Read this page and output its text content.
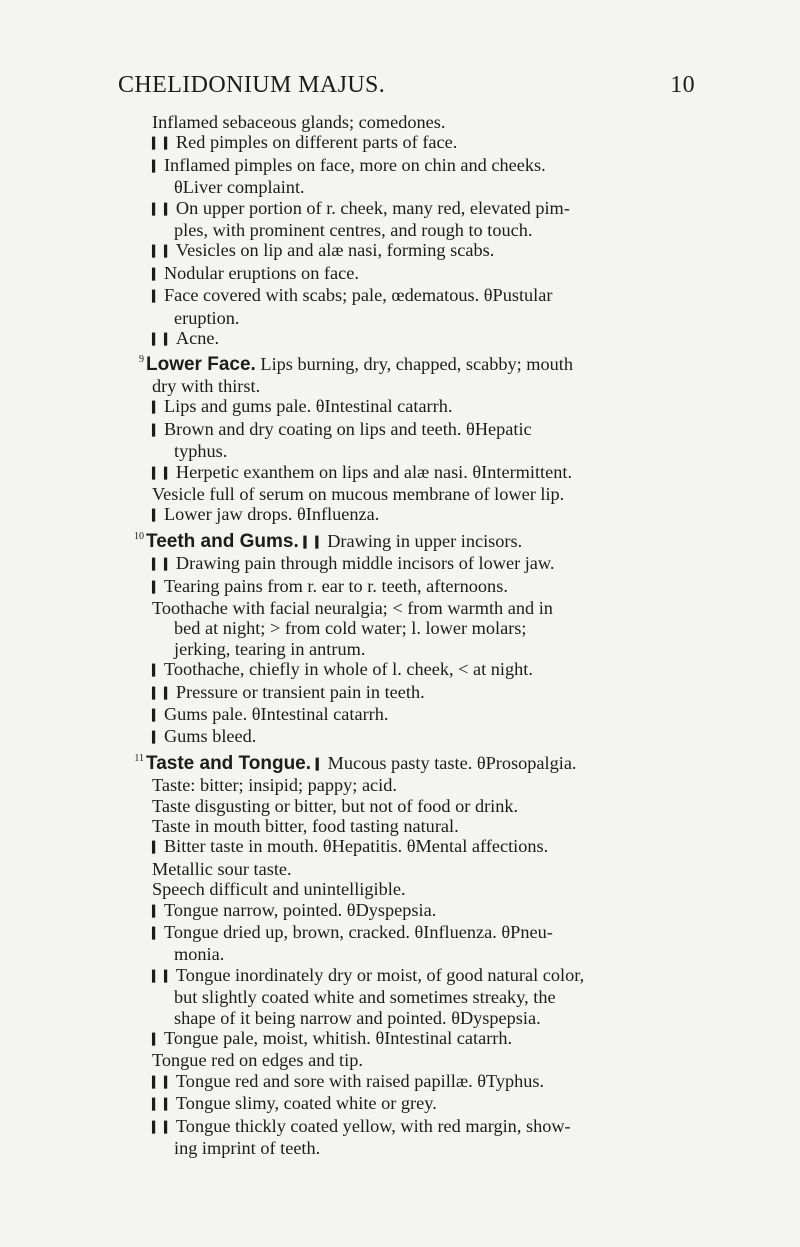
CHELIDONIUM MAJUS.	10
Inflamed sebaceous glands; comedones.
▍ ▍ Red pimples on different parts of face.
▍ Inflamed pimples on face, more on chin and cheeks.
θLiver complaint.
▍ ▍ On upper portion of r. cheek, many red, elevated pim-
ples, with prominent centres, and rough to touch.
▍ ▍ Vesicles on lip and alæ nasi, forming scabs.
▍ Nodular eruptions on face.
▍ Face covered with scabs; pale, œdematous. θPustular
eruption.
▍ ▍ Acne.
9 Lower Face. Lips burning, dry, chapped, scabby; mouth
dry with thirst.
▍ Lips and gums pale. θIntestinal catarrh.
▍ Brown and dry coating on lips and teeth. θHepatic
typhus.
▍ ▍ Herpetic exanthem on lips and alæ nasi. θIntermittent.
Vesicle full of serum on mucous membrane of lower lip.
▍ Lower jaw drops. θInfluenza.
10 Teeth and Gums. ▍ ▍ Drawing in upper incisors.
▍ ▍ Drawing pain through middle incisors of lower jaw.
▍ Tearing pains from r. ear to r. teeth, afternoons.
Toothache with facial neuralgia; < from warmth and in
bed at night; > from cold water; l. lower molars;
jerking, tearing in antrum.
▍ Toothache, chiefly in whole of l. cheek, < at night.
▍ ▍ Pressure or transient pain in teeth.
▍ Gums pale. θIntestinal catarrh.
▍ Gums bleed.
11 Taste and Tongue. ▍ Mucous pasty taste. θProsopalgia.
Taste: bitter; insipid; pappy; acid.
Taste disgusting or bitter, but not of food or drink.
Taste in mouth bitter, food tasting natural.
▍ Bitter taste in mouth. θHepatitis. θMental affections.
Metallic sour taste.
Speech difficult and unintelligible.
▍ Tongue narrow, pointed. θDyspepsia.
▍ Tongue dried up, brown, cracked. θInfluenza. θPneu-
monia.
▍ ▍ Tongue inordinately dry or moist, of good natural color,
but slightly coated white and sometimes streaky, the
shape of it being narrow and pointed. θDyspepsia.
▍ Tongue pale, moist, whitish. θIntestinal catarrh.
Tongue red on edges and tip.
▍ ▍ Tongue red and sore with raised papillæ. θTyphus.
▍ ▍ Tongue slimy, coated white or grey.
▍ ▍ Tongue thickly coated yellow, with red margin, show-
ing imprint of teeth.
